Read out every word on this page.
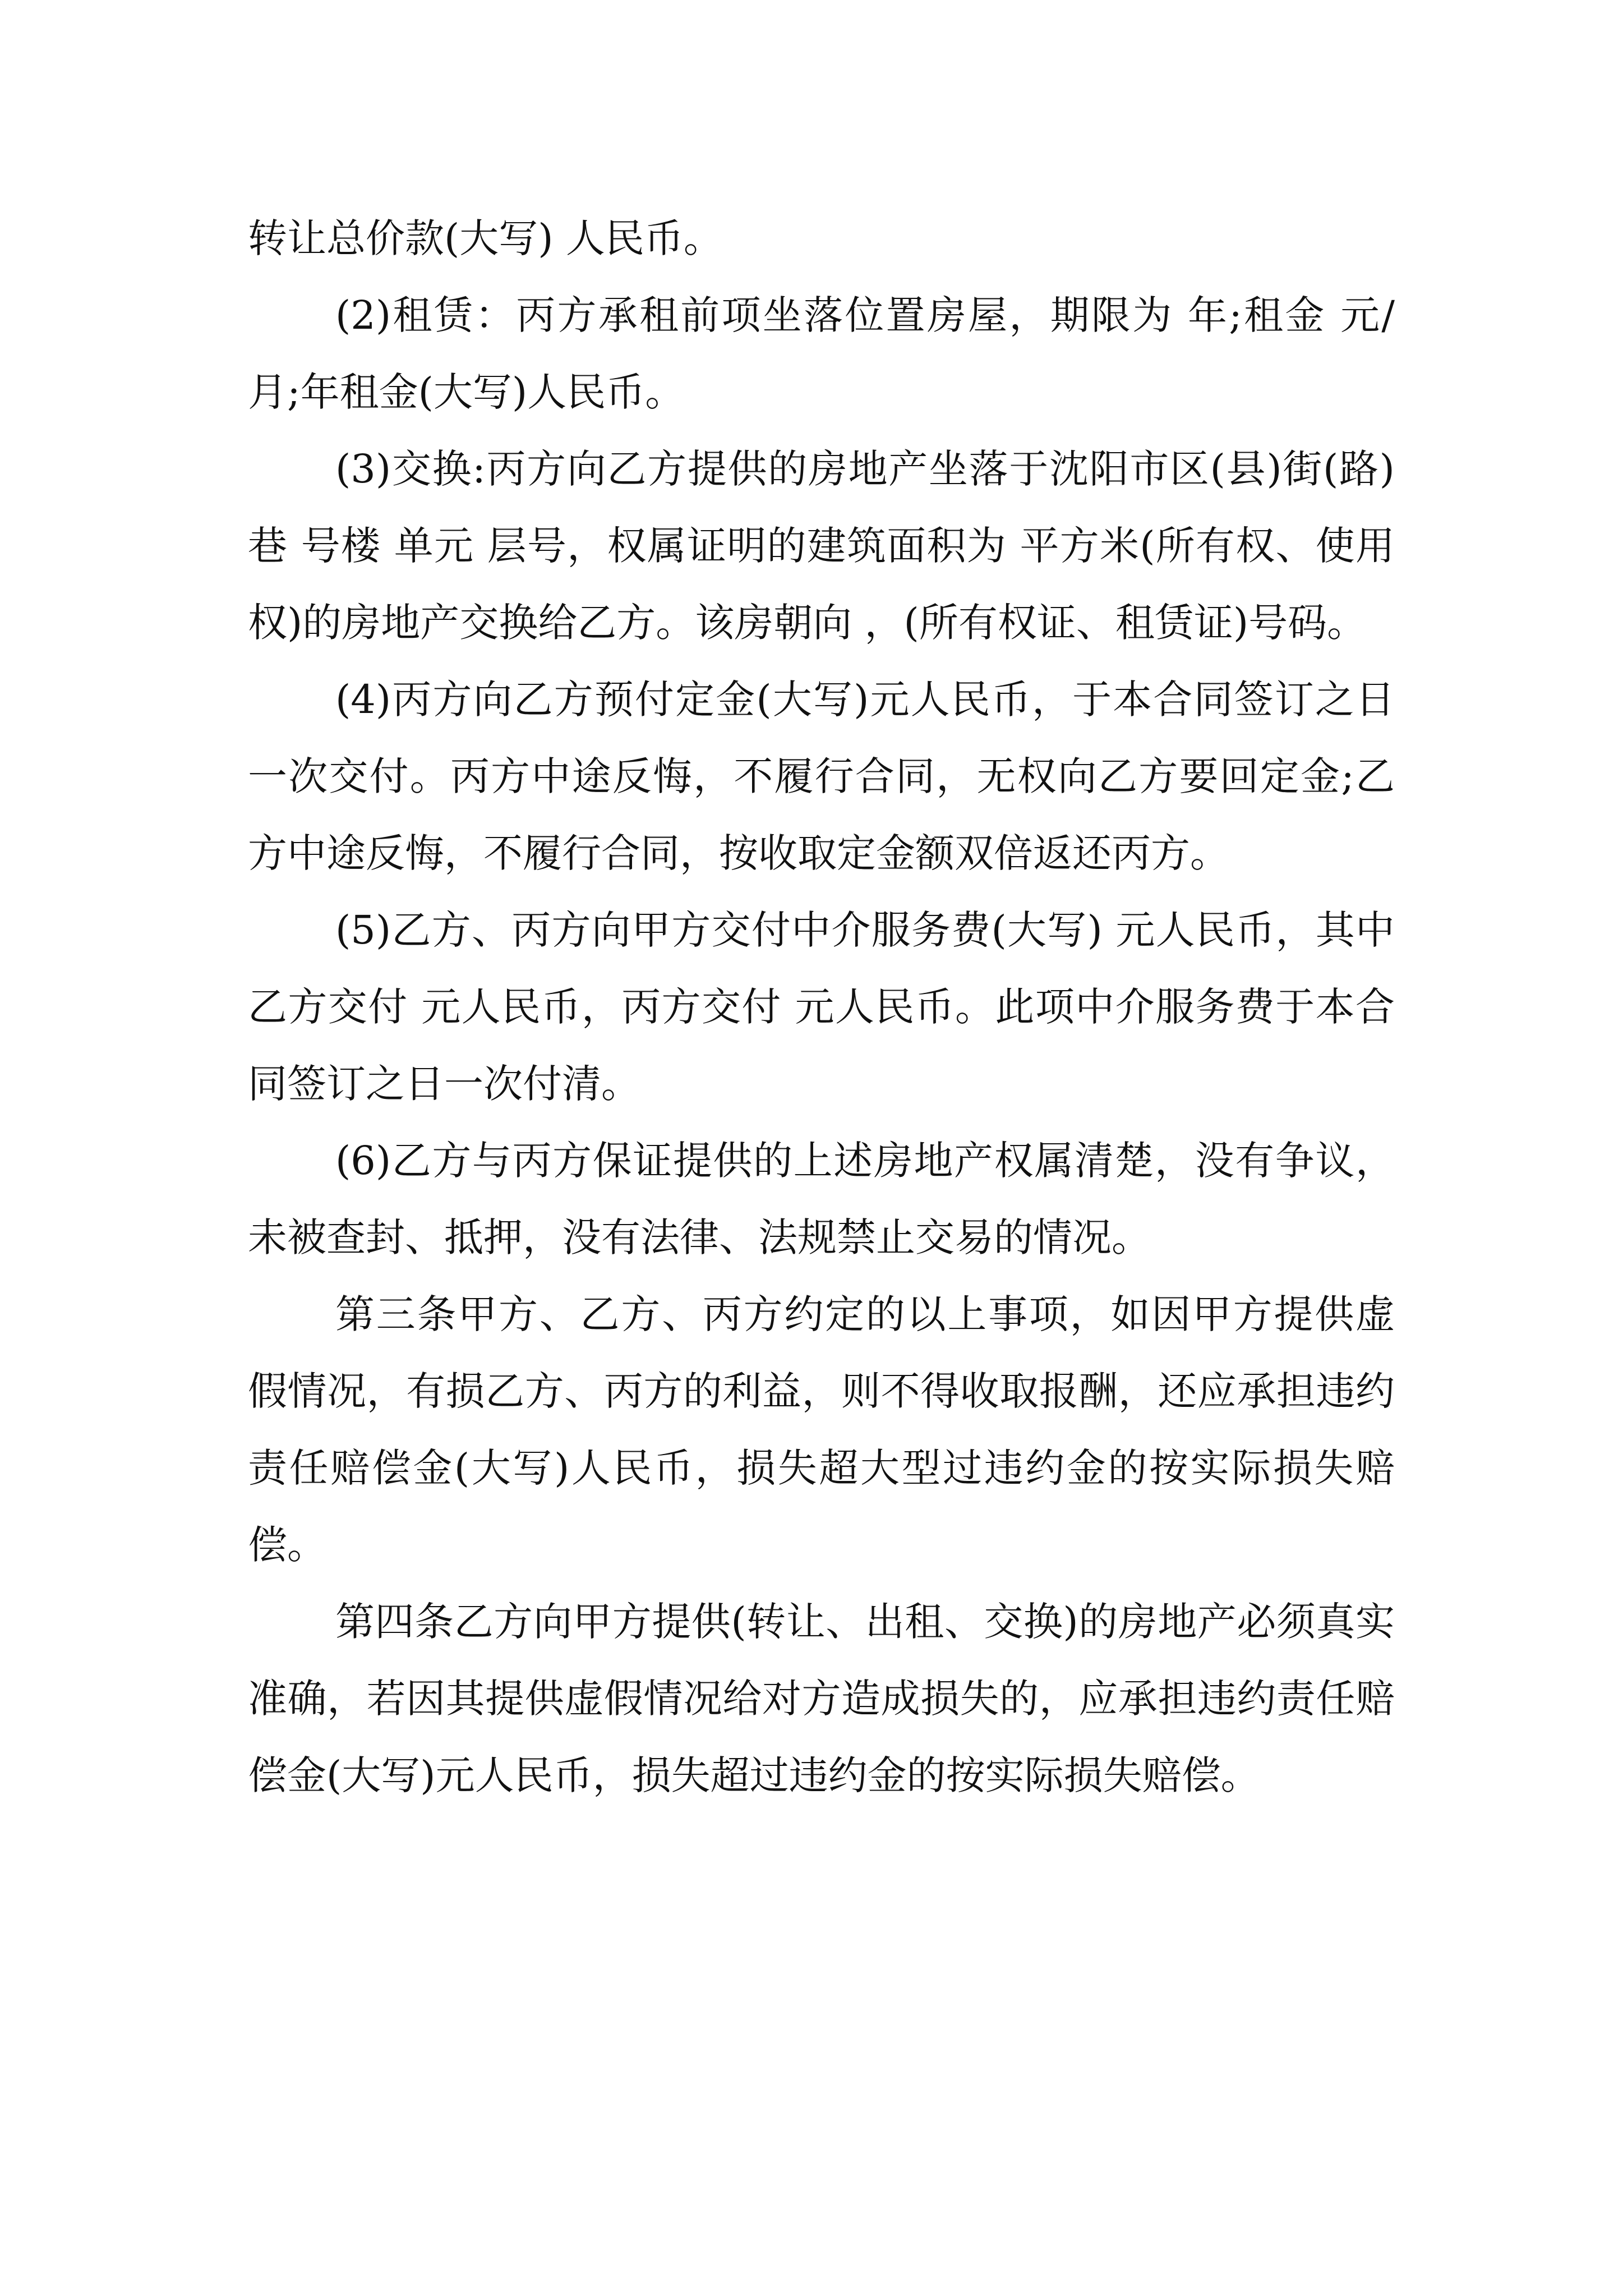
转让总价款(大写) 人民币。

(2)租赁：丙方承租前项坐落位置房屋，期限为 年;租金 元/月;年租金(大写)人民币。

(3)交换:丙方向乙方提供的房地产坐落于沈阳市区(县)街(路)巷 号楼 单元 层号，权属证明的建筑面积为 平方米(所有权、使用权)的房地产交换给乙方。该房朝向 ，(所有权证、租赁证)号码。

(4)丙方向乙方预付定金(大写)元人民币，于本合同签订之日一次交付。丙方中途反悔，不履行合同，无权向乙方要回定金;乙方中途反悔，不履行合同，按收取定金额双倍返还丙方。

(5)乙方、丙方向甲方交付中介服务费(大写) 元人民币，其中乙方交付 元人民币，丙方交付 元人民币。此项中介服务费于本合同签订之日一次付清。

(6)乙方与丙方保证提供的上述房地产权属清楚，没有争议，未被查封、抵押，没有法律、法规禁止交易的情况。

第三条甲方、乙方、丙方约定的以上事项，如因甲方提供虚假情况，有损乙方、丙方的利益，则不得收取报酬，还应承担违约责任赔偿金(大写)人民币，损失超大型过违约金的按实际损失赔偿。

第四条乙方向甲方提供(转让、出租、交换)的房地产必须真实准确，若因其提供虚假情况给对方造成损失的，应承担违约责任赔偿金(大写)元人民币，损失超过违约金的按实际损失赔偿。
